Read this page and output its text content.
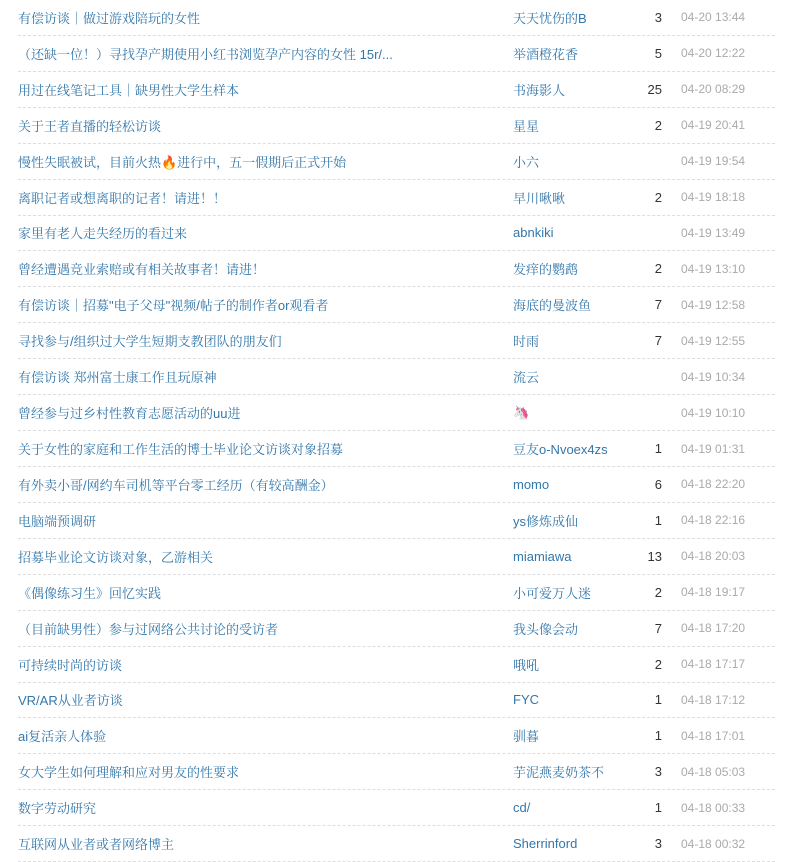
有偿访谈｜做过游戏陪玩的女性	天天忧伤的B	3 04-20 13:44
（还缺一位！）寻找孕产期使用小红书浏览孕产内容的女性 15r/...	举酒橙花香	5 04-20 12:22
用过在线笔记工具｜缺男性大学生样本	书海影人	25 04-20 08:29
关于王者直播的轻松访谈	星星	2 04-19 20:41
慢性失眠被试，目前火热🔥进行中，五一假期后正式开始	小六	04-19 19:54
离职记者或想离职的记者！请进！！	早川啾啾	2 04-19 18:18
家里有老人走失经历的看过来	abnkiki	04-19 13:49
曾经遭遇竞业索赔或有相关故事者！请进！	发痒的鹦鹉	2 04-19 13:10
有偿访谈｜招募"电子父母"视频/帖子的制作者or观看者	海底的曼波鱼	7 04-19 12:58
寻找参与/组织过大学生短期支教团队的朋友们	时雨	7 04-19 12:55
有偿访谈 郑州富士康工作且玩原神	流云	04-19 10:34
曾经参与过乡村性教育志愿活动的uu进	🦄	04-19 10:10
关于女性的家庭和工作生活的博士毕业论文访谈对象招募	豆友o-Nvoex4zs	1 04-19 01:31
有外卖小哥/网约车司机等平台零工经历（有较高酬金）	momo	6 04-18 22:20
电脑端预调研	ys修炼成仙	1 04-18 22:16
招募毕业论文访谈对象，乙游相关	miamiawa	13 04-18 20:03
《偶像练习生》回忆实践	小可爱万人迷	2 04-18 19:17
（目前缺男性）参与过网络公共讨论的受访者	我头像会动	7 04-18 17:20
可持续时尚的访谈	哦吼	2 04-18 17:17
VR/AR从业者访谈	FYC	1 04-18 17:12
ai复活亲人体验	驯暮	1 04-18 17:01
女大学生如何理解和应对男友的性要求	芋泥燕麦奶茶不	3 04-18 05:03
数字劳动研究	cd/	1 04-18 00:33
互联网从业者或者网络博主	Sherrinford	3 04-18 00:32
